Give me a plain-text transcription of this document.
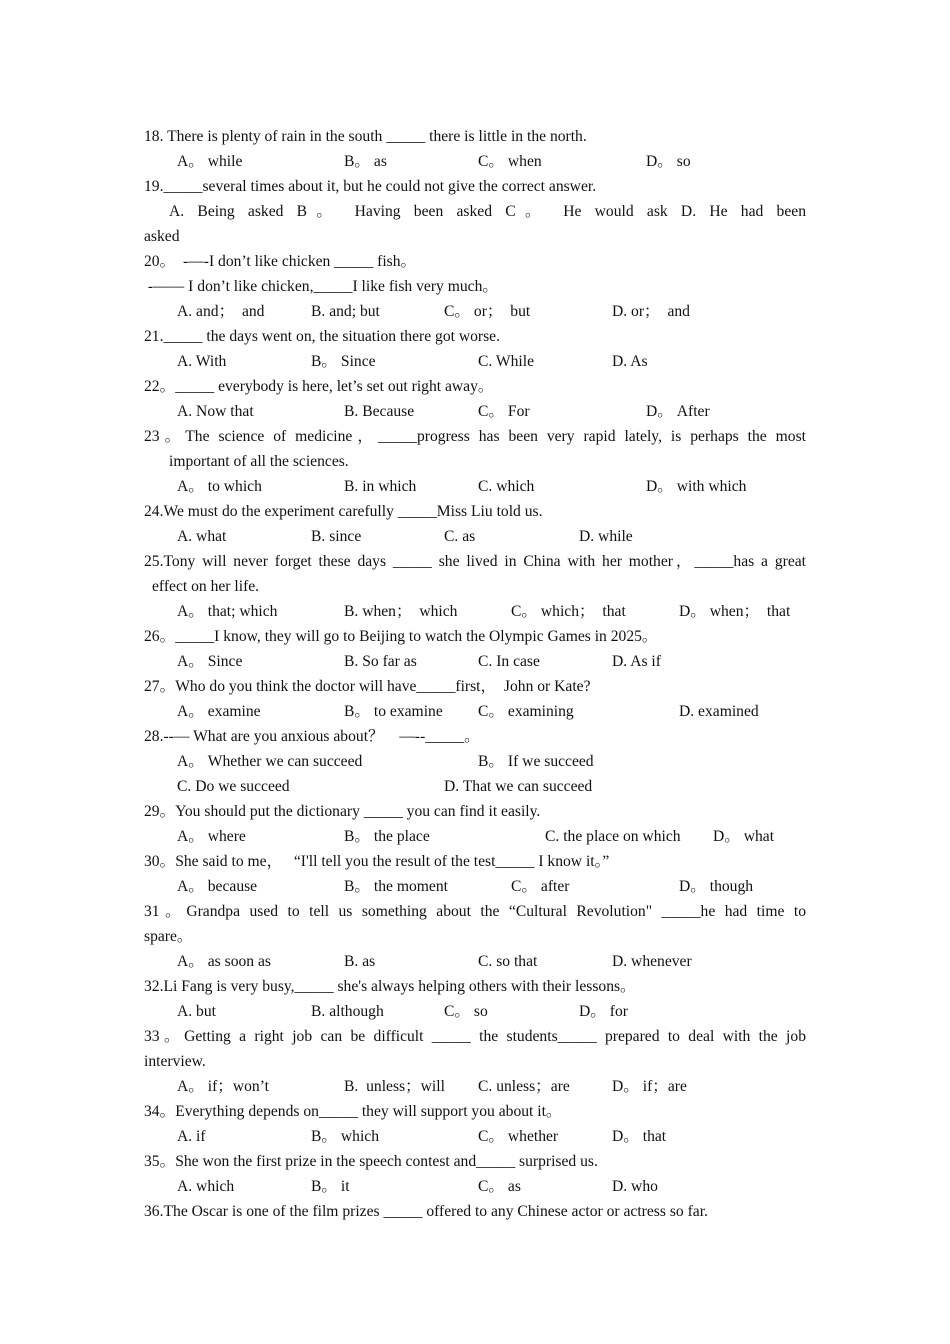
18. There is plenty of rain in the south _____ there is little in the north.
A。 while	B。 as	C。 when	D。 so
19._____several times about it, but he could not give the correct answer.
A. Being asked B。 Having been asked C。 He would ask D. He had been
asked
20。  -—-I don’t like chicken _____ fish。
-—— I don’t like chicken,_____I like fish very much。
A. and；  and	B. and; but	C。 or；  but	D. or；  and
21._____ the days went on, the situation there got worse.
A. With	B。 Since	C. While	D. As
22。_____ everybody is here, let’s set out right away。
A. Now that	B. Because	C。 For	D。 After
23。The science of medicine，_____progress has been very rapid lately, is perhaps the most
important of all the sciences.
A。 to which	B. in which	C. which	D。 with which
24.We must do the experiment carefully _____Miss Liu told us.
A. what	B. since	C. as	D. while
25.Tony will never forget these days _____ she lived in China with her mother，_____has a great
effect on her life.
A。 that; which	B. when；  which	C。 which；  that	D。 when；  that
26。_____I know, they will go to Beijing to watch the Olympic Games in 2025。
A。 Since	B. So far as	C. In case	D. As if
27。Who do you think the doctor will have_____first，  John or Kate?
A。 examine	B。 to examine C。 examining	D. examined
28.--— What are you anxious about？    —--_____。
A。 Whether we can succeed	B。 If we succeed
C. Do we succeed	D. That we can succeed
29。You should put the dictionary _____ you can find it easily.
A。 where	B。 the place	C. the place on which D。 what
30。She said to me，   “I'll tell you the result of the test_____ I know it。”
A。 because	B。 the moment	C。 after	D。 though
31。Grandpa used to tell us something about the “Cultural Revolution" _____he had time to
spare。
A。 as soon as	B. as	C. so that	D. whenever
32.Li Fang is very busy,_____ she's always helping others with their lessons。
A. but	B. although	C。 so	D。 for
33。Getting a right job can be difficult _____ the students_____ prepared to deal with the job
interview.
A。 if；won’t	B.  unless；will C. unless；are	D。 if；are
34。Everything depends on_____ they will support you about it。
A. if	B。 which	C。 whether	D。 that
35。She won the first prize in the speech contest and_____ surprised us.
A. which	B。 it	C。 as	D. who
36.The Oscar is one of the film prizes _____ offered to any Chinese actor or actress so far.
